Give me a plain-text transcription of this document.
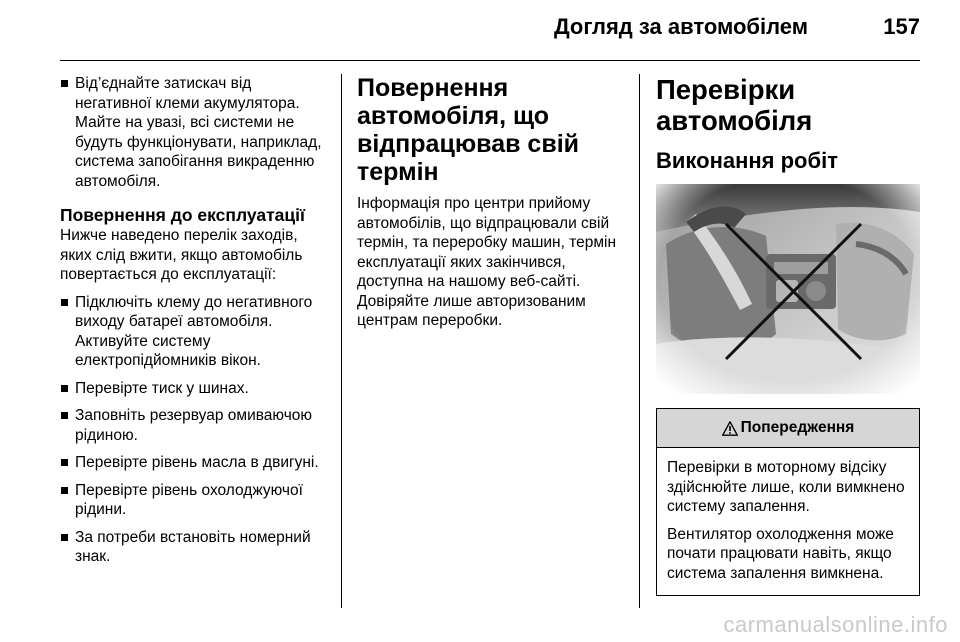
Догляд за автомобілем	157
Від’єднайте затискач від негативної клеми акумулятора. Майте на увазі, всі системи не будуть функціонувати, наприклад, система запобігання викраденню автомобіля.
Повернення до експлуатації

Нижче наведено перелік заходів, яких слід вжити, якщо автомобіль повертається до експлуатації:

Підключіть клему до негативного виходу батареї автомобіля. Активуйте систему електропідйомників вікон.
Перевірте тиск у шинах.
Заповніть резервуар омиваючою рідиною.
Перевірте рівень масла в двигуні.
Перевірте рівень охолоджуючої рідини.
За потреби встановіть номерний знак.
Повернення автомобіля, що відпрацював свій термін

Інформація про центри прийому автомобілів, що відпрацювали свій термін, та переробку машин, термін експлуатації яких закінчився, доступна на нашому веб-сайті. Довіряйте лише авторизованим центрам переробки.

Перевірки автомобіля
Виконання робіт
Попередження

Перевірки в моторному відсіку здійснюйте лише, коли вимкнено систему запалення.

Вентилятор охолодження може почати працювати навіть, якщо система запалення вимкнена.

carmanualsonline.info
